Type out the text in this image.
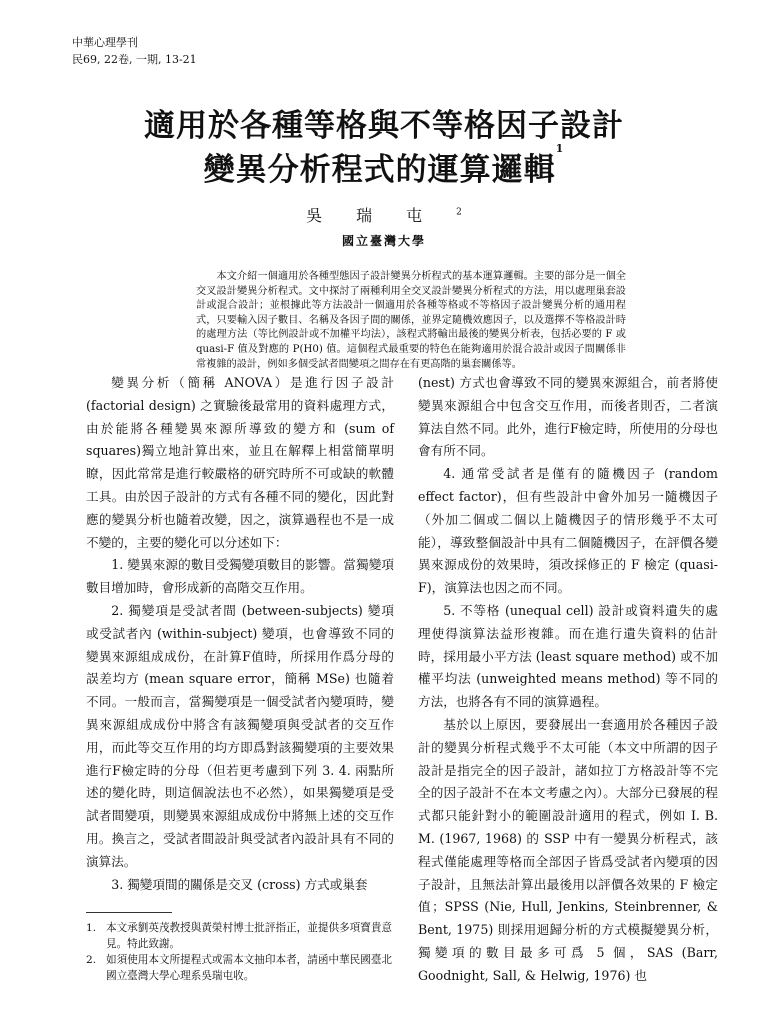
中華心理學刊
民69, 22卷, 一期, 13-21
適用於各種等格與不等格因子設計
變異分析程式的運算邏輯$^1$
吳瑞屯$^2$
國立臺灣大學

本文介紹一個適用於各種型態因子設計變異分析程式的基本運算邏輯。主要的部分是一個全交叉設計變異分析程式。文中探討了兩種利用全交叉設計變異分析程式的方法，用以處理巢套設計或混合設計；並根據此等方法設計一個適用於各種等格或不等格因子設計變異分析的通用程式，只要輸入因子數目、名稱及各因子間的關係，並界定隨機效應因子，以及選擇不等格設計時的處理方法（等比例設計或不加權平均法），該程式將輸出最後的變異分析表，包括必要的 F 或 quasi-F 值及對應的 P(H0) 值。這個程式最重要的特色在能夠適用於混合設計或因子間關係非常複雜的設計，例如多個受試者間變項之間存在有更高階的巢套關係等。

變異分析（簡稱 ANOVA）是進行因子設計 (factorial design) 之實驗後最常用的資料處理方式，由於能將各種變異來源所導致的變方和 (sum of squares)獨立地計算出來，並且在解釋上相當簡單明瞭，因此常常是進行較嚴格的研究時所不可或缺的軟體工具。由於因子設計的方式有各種不同的變化，因此對應的變異分析也隨着改變，因之，演算過程也不是一成不變的，主要的變化可以分述如下：

1. 變異來源的數目受獨變項數目的影響。當獨變項數目增加時，會形成新的高階交互作用。

2. 獨變項是受試者間 (between-subjects) 變項或受試者內 (within-subject) 變項，也會導致不同的變異來源組成成份，在計算F值時，所採用作爲分母的誤差均方 (mean square error，簡稱 MSe) 也隨着不同。一般而言，當獨變項是一個受試者內變項時，變異來源組成成份中將含有該獨變項與受試者的交互作用，而此等交互作用的均方即爲對該獨變項的主要效果進行F檢定時的分母（但若更考慮到下列 3. 4. 兩點所述的變化時，則這個說法也不必然），如果獨變項是受試者間變項，則變異來源組成成份中將無上述的交互作用。換言之，受試者間設計與受試者內設計具有不同的演算法。

3. 獨變項間的關係是交叉 (cross) 方式或巢套

(nest) 方式也會導致不同的變異來源組合，前者將使變異來源組合中包含交互作用，而後者則否，二者演算法自然不同。此外，進行F檢定時，所使用的分母也會有所不同。

4. 通常受試者是僅有的隨機因子 (random effect factor)，但有些設計中會外加另一隨機因子（外加二個或二個以上隨機因子的情形幾乎不太可能），導致整個設計中具有二個隨機因子，在評價各變異來源成份的效果時，須改採修正的 F 檢定 (quasi-F)，演算法也因之而不同。

5. 不等格 (unequal cell) 設計或資料遺失的處理使得演算法益形複雜。而在進行遺失資料的估計時，採用最小平方法 (least square method) 或不加權平均法 (unweighted means method) 等不同的方法，也將各有不同的演算過程。

基於以上原因，要發展出一套適用於各種因子設計的變異分析程式幾乎不太可能（本文中所謂的因子設計是指完全的因子設計，諸如拉丁方格設計等不完全的因子設計不在本文考慮之內）。大部分已發展的程式都只能針對小的範圍設計適用的程式，例如 I. B. M. (1967, 1968) 的 SSP 中有一變異分析程式，該程式僅能處理等格而全部因子皆爲受試者內變項的因子設計，且無法計算出最後用以評價各效果的 F 檢定值；SPSS (Nie, Hull, Jenkins, Steinbrenner, & Bent, 1975) 則採用迴歸分析的方式模擬變異分析，獨變項的數目最多可爲 5 個，SAS (Barr, Goodnight, Sall, & Helwig, 1976) 也

1. 本文承劉英茂教授與黃榮村博士批評指正，並提供多項寶貴意見。特此致謝。
2. 如須使用本文所提程式或需本文抽印本者，請函中華民國臺北國立臺灣大學心理系吳瑞屯收。
